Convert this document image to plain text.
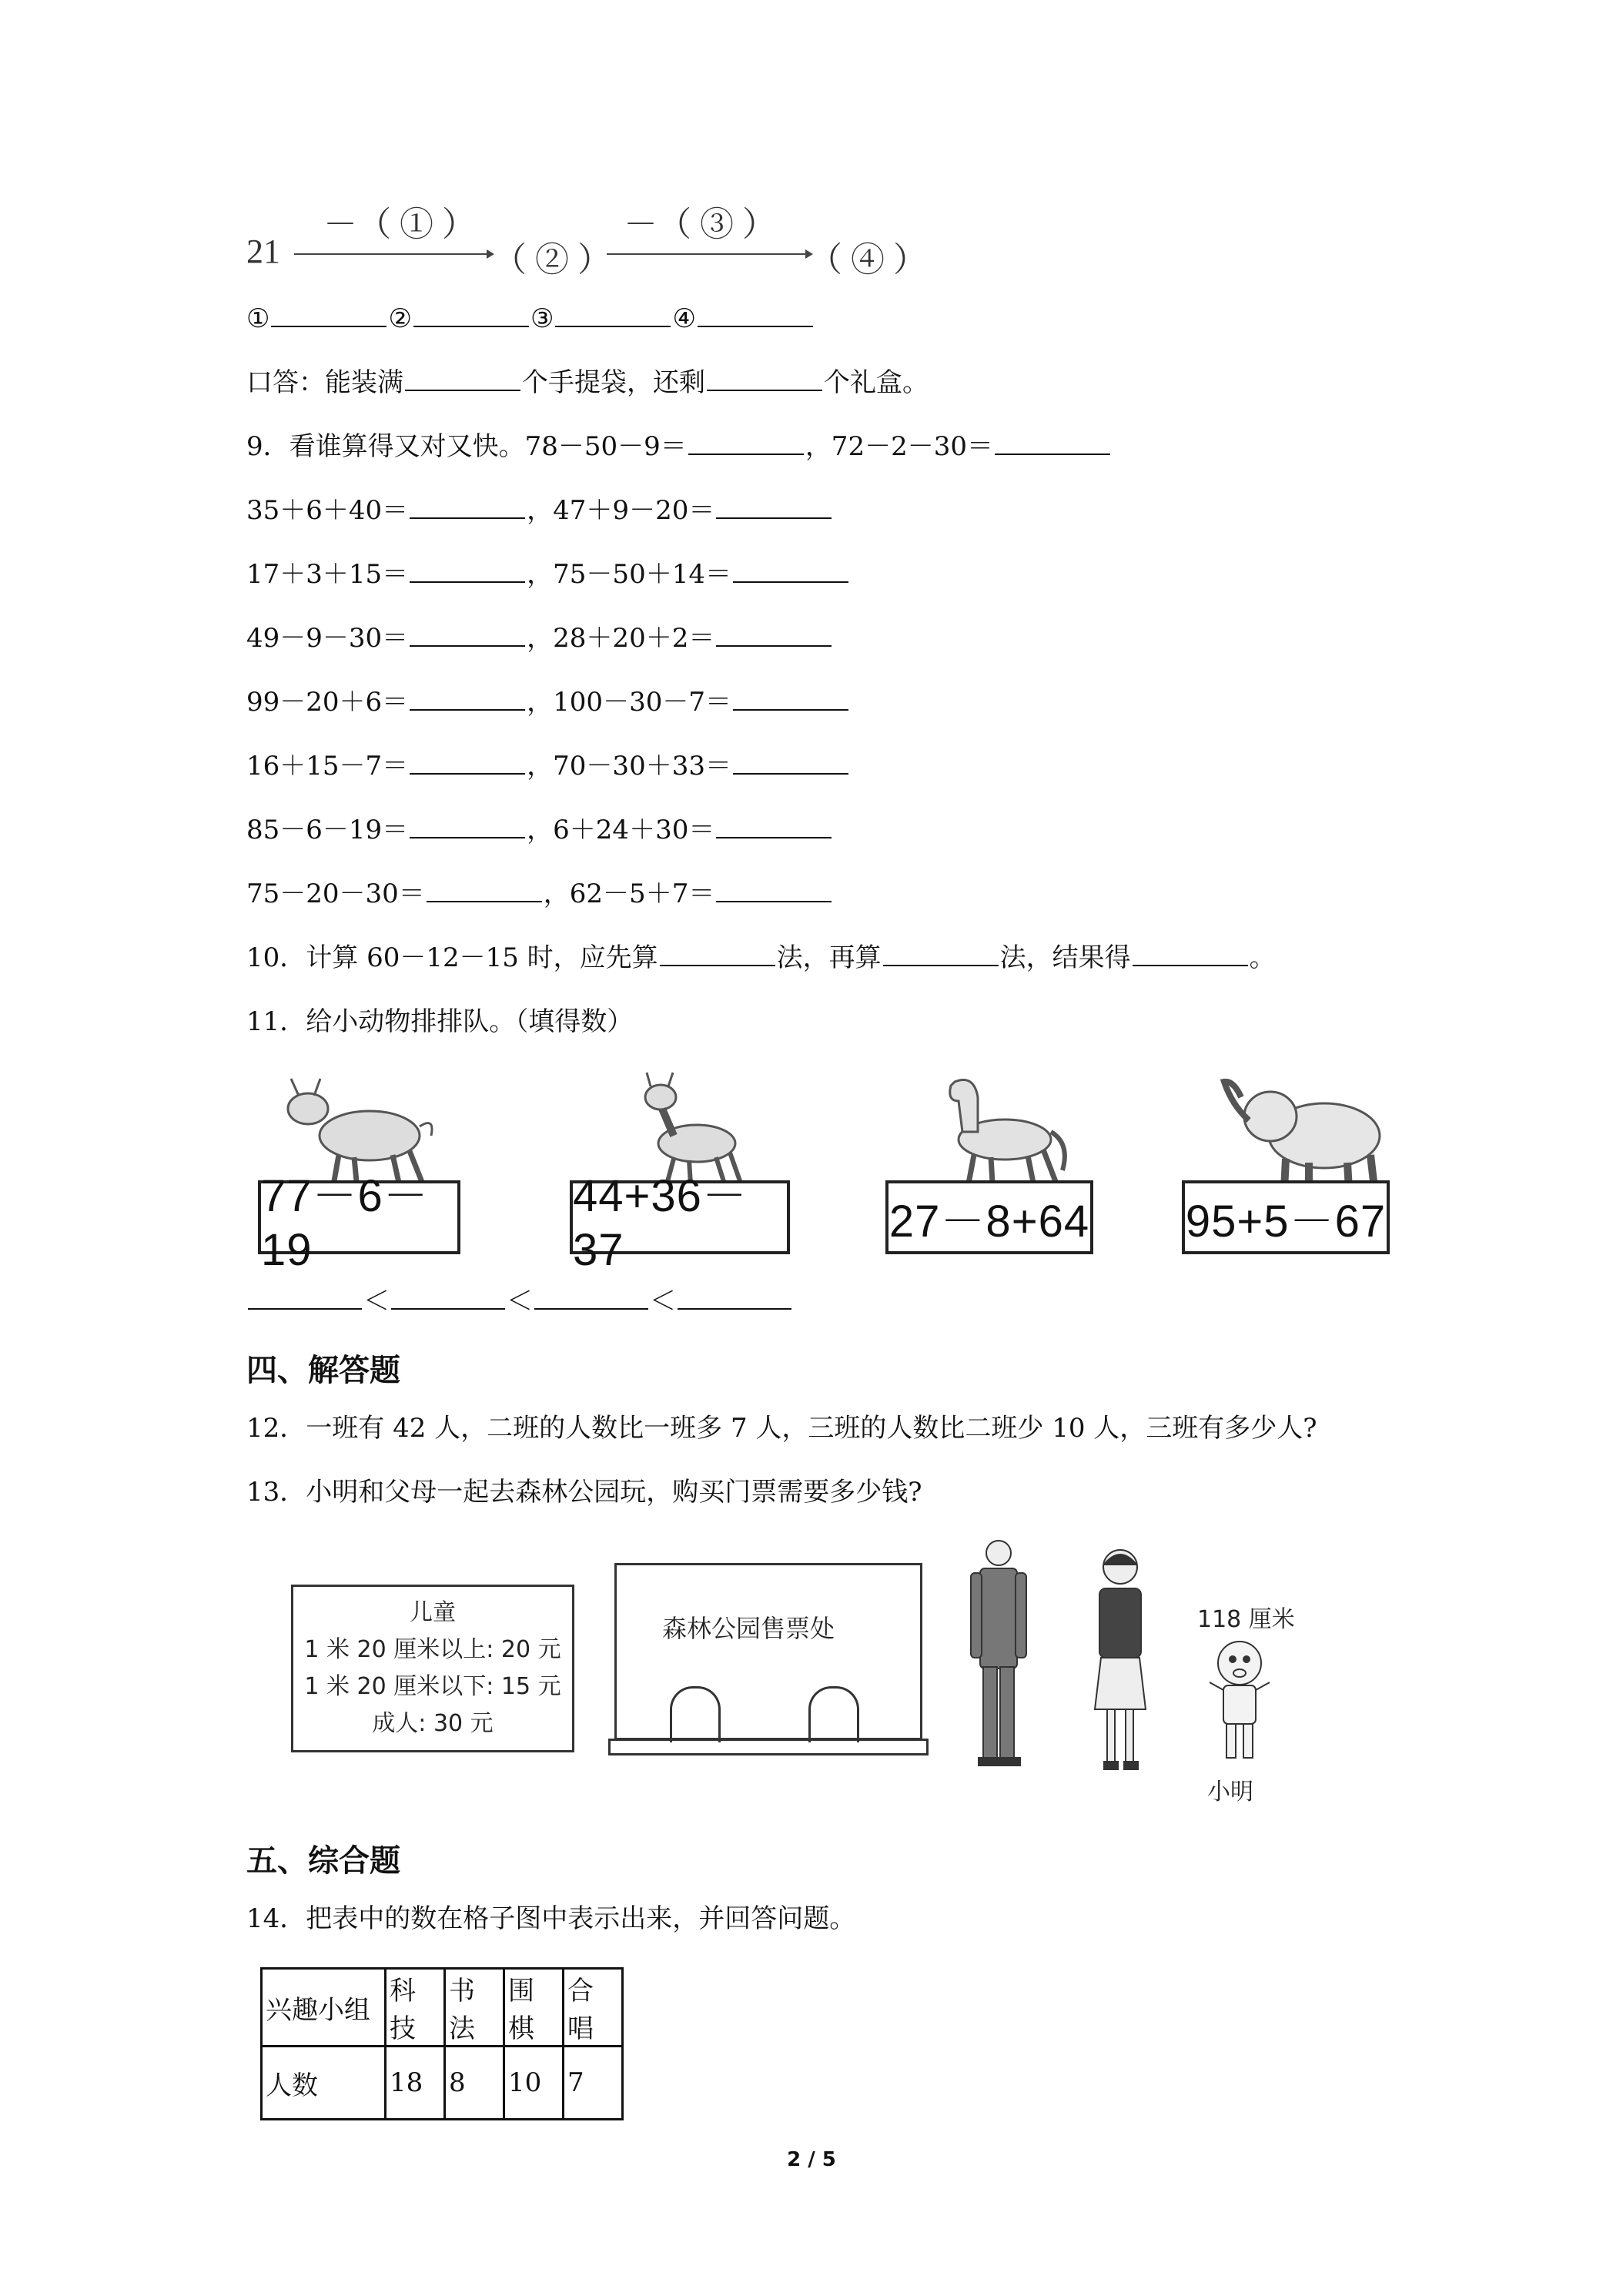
21
－（ ① ）
（ ② ）
－（ ③ ）
（ ④ ）
①	②	③	④
口答：能装满	个手提袋，还剩	个礼盒。
9．看谁算得又对又快。78－50－9＝	，72－2－30＝
35＋6＋40＝	，47＋9－20＝
17＋3＋15＝	，75－50＋14＝
49－9－30＝	，28＋20＋2＝
99－20＋6＝	，100－30－7＝
16＋15－7＝	，70－30＋33＝
85－6－19＝	，6＋24＋30＝
75－20－30＝	，62－5＋7＝
10．计算 60－12－15 时，应先算	法，再算	法，结果得	。
11．给小动物排排队。（填得数）
77－6－19
44+36－37
27－8+64 95+5－67
＜	＜	＜
四、解答题
12．一班有 42 人，二班的人数比一班多 7 人，三班的人数比二班少 10 人，三班有多少人?
13．小明和父母一起去森林公园玩，购买门票需要多少钱?
儿童
1 米 20 厘米以上: 20 元
1 米 20 厘米以下: 15 元
成人: 30 元
森林公园售票处	118 厘米
小明
五、综合题
14．把表中的数在格子图中表示出来，并回答问题。
兴趣小组	科技	书法	围棋	合唱
人数	18	8	10	7
2 / 5
